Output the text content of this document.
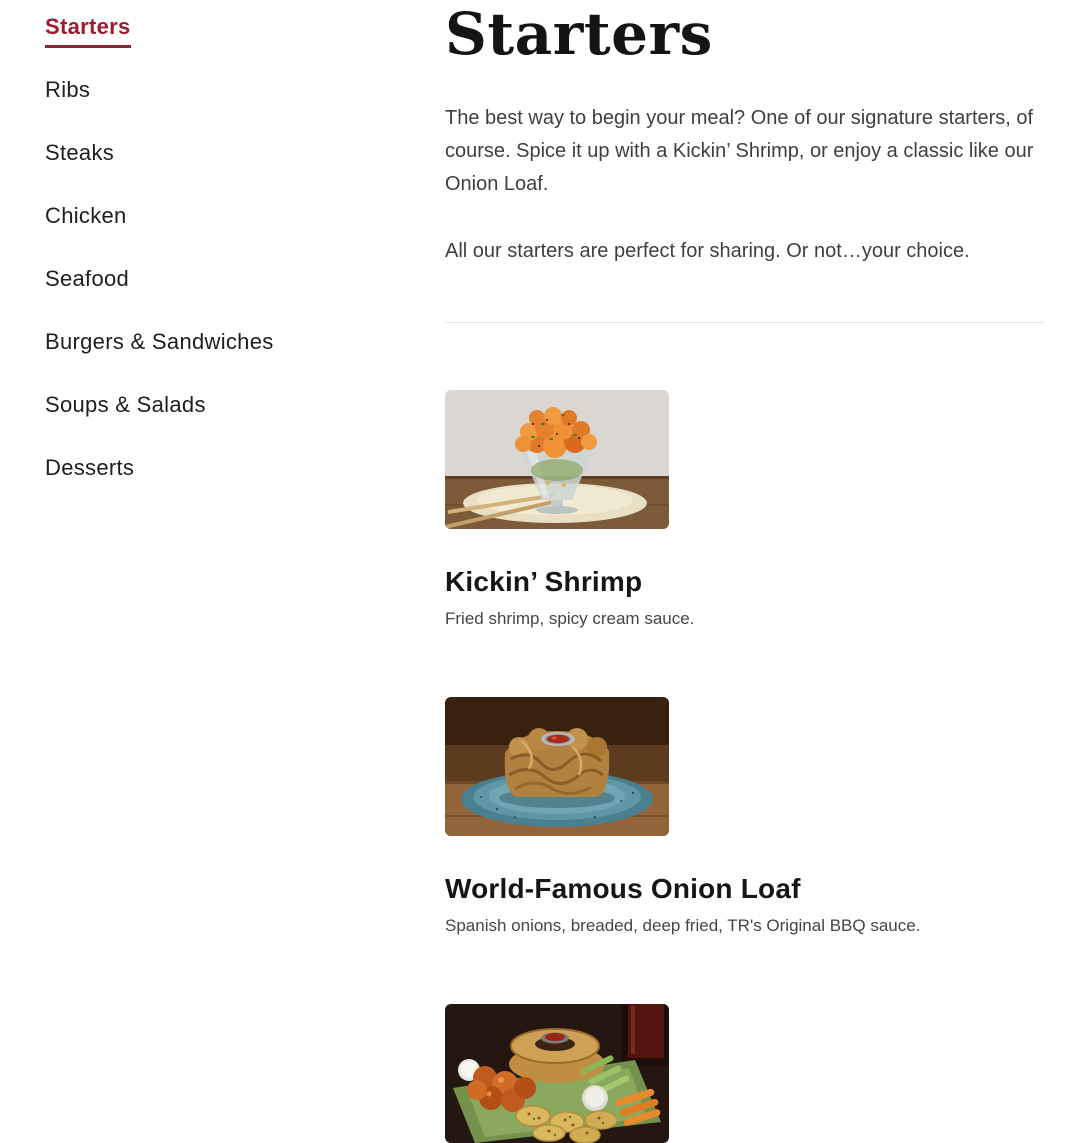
Starters
Ribs
Steaks
Chicken
Seafood
Burgers & Sandwiches
Soups & Salads
Desserts
Starters

The best way to begin your meal? One of our signature starters, of course. Spice it up with a Kickin’ Shrimp, or enjoy a classic like our Onion Loaf.

All our starters are perfect for sharing. Or not…your choice.

Kickin’ Shrimp

Fried shrimp, spicy cream sauce.

World-Famous Onion Loaf

Spanish onions, breaded, deep fried, TR's Original BBQ sauce.
